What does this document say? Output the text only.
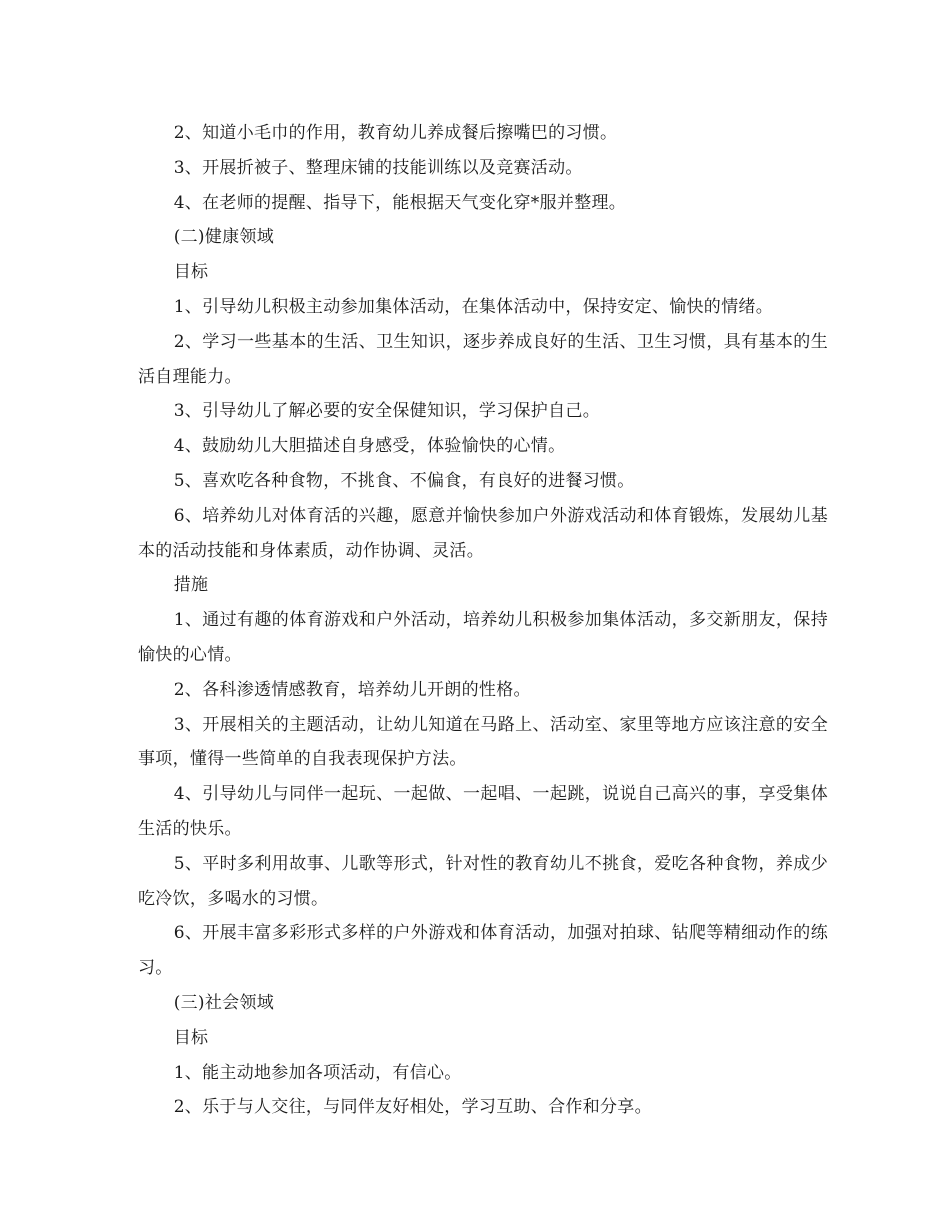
2、知道小毛巾的作用，教育幼儿养成餐后擦嘴巴的习惯。

3、开展折被子、整理床铺的技能训练以及竞赛活动。

4、在老师的提醒、指导下，能根据天气变化穿*服并整理。

(二)健康领域

目标

1、引导幼儿积极主动参加集体活动，在集体活动中，保持安定、愉快的情绪。

2、学习一些基本的生活、卫生知识，逐步养成良好的生活、卫生习惯，具有基本的生活自理能力。

3、引导幼儿了解必要的安全保健知识，学习保护自己。

4、鼓励幼儿大胆描述自身感受，体验愉快的心情。

5、喜欢吃各种食物，不挑食、不偏食，有良好的进餐习惯。

6、培养幼儿对体育活的兴趣，愿意并愉快参加户外游戏活动和体育锻炼，发展幼儿基本的活动技能和身体素质，动作协调、灵活。

措施

1、通过有趣的体育游戏和户外活动，培养幼儿积极参加集体活动，多交新朋友，保持愉快的心情。

2、各科渗透情感教育，培养幼儿开朗的性格。

3、开展相关的主题活动，让幼儿知道在马路上、活动室、家里等地方应该注意的安全事项，懂得一些简单的自我表现保护方法。

4、引导幼儿与同伴一起玩、一起做、一起唱、一起跳，说说自己高兴的事，享受集体生活的快乐。

5、平时多利用故事、儿歌等形式，针对性的教育幼儿不挑食，爱吃各种食物，养成少吃冷饮，多喝水的习惯。

6、开展丰富多彩形式多样的户外游戏和体育活动，加强对拍球、钻爬等精细动作的练习。

(三)社会领域

目标

1、能主动地参加各项活动，有信心。

2、乐于与人交往，与同伴友好相处，学习互助、合作和分享。
